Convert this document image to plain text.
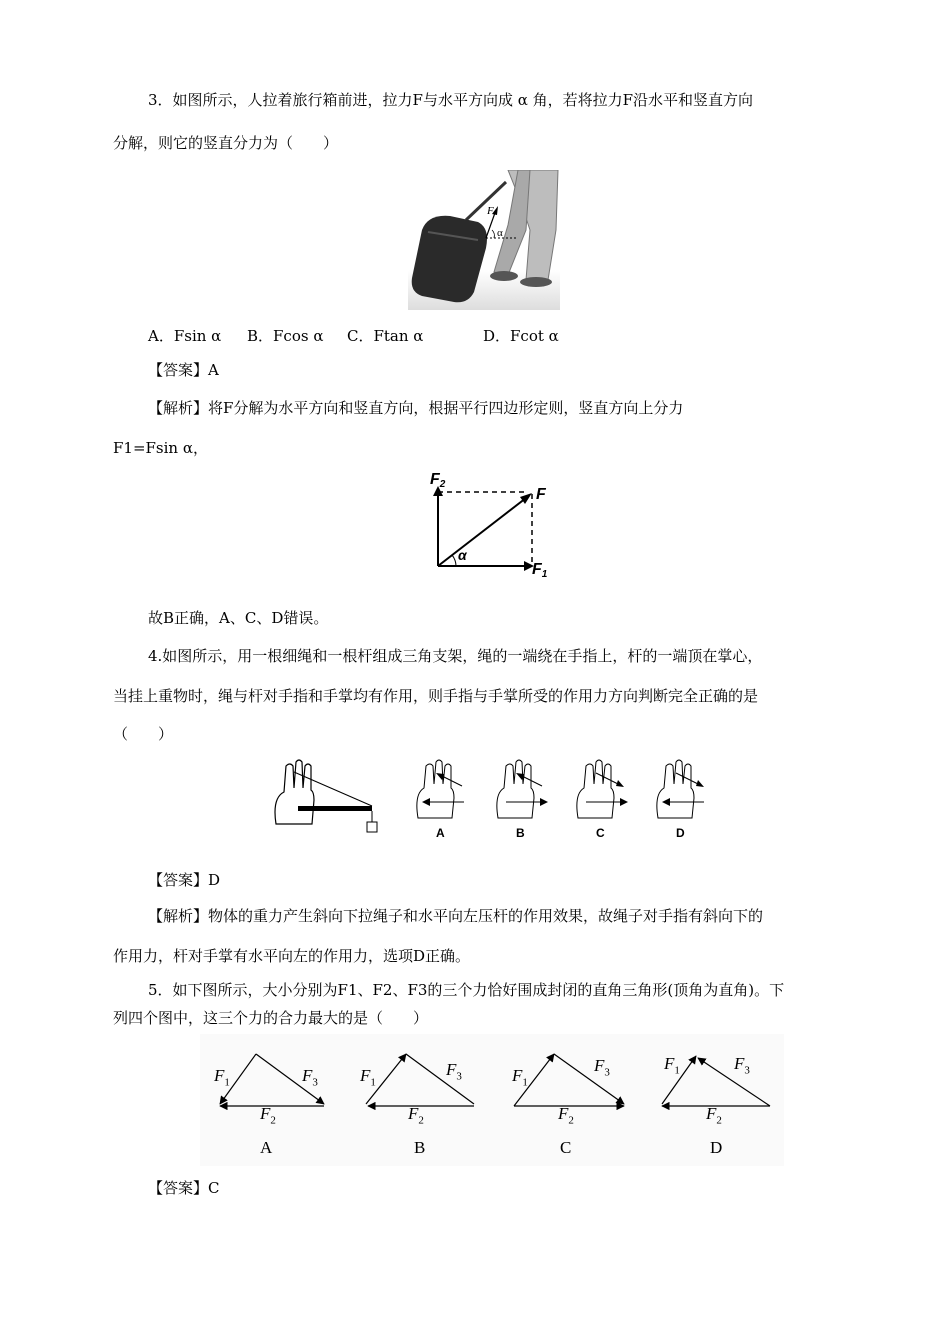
3．如图所示，人拉着旅行箱前进，拉力F与水平方向成 α 角，若将拉力F沿水平和竖直方向
分解，则它的竖直分力为（　　）
F
α
A．Fsin α B．Fcos α C．Ftan α	D．Fcot α
【答案】A
【解析】将F分解为水平方向和竖直方向，根据平行四边形定则，竖直方向上分力
F1=Fsin α，
F2
F
F1
α
故B正确，A、C、D错误。
4.如图所示，用一根细绳和一根杆组成三角支架，绳的一端绕在手指上，杆的一端顶在掌心，
当挂上重物时，绳与杆对手指和手掌均有作用，则手指与手掌所受的作用力方向判断完全正确的是
（　　）
A	B	C	D
【答案】D
【解析】物体的重力产生斜向下拉绳子和水平向左压杆的作用效果，故绳子对手指有斜向下的
作用力，杆对手掌有水平向左的作用力，选项D正确。
5．如下图所示，大小分别为F1、F2、F3的三个力恰好围成封闭的直角三角形(顶角为直角)。下
列四个图中，这三个力的合力最大的是（　　）
$F_1$	$F_3$
$F_2$
$F_1$
$F_3$
$F_2$
$F_1$
$F_3$
$F_2$
$F_1$	$F_3$
$F_2$
A	B	C	D
【答案】C
